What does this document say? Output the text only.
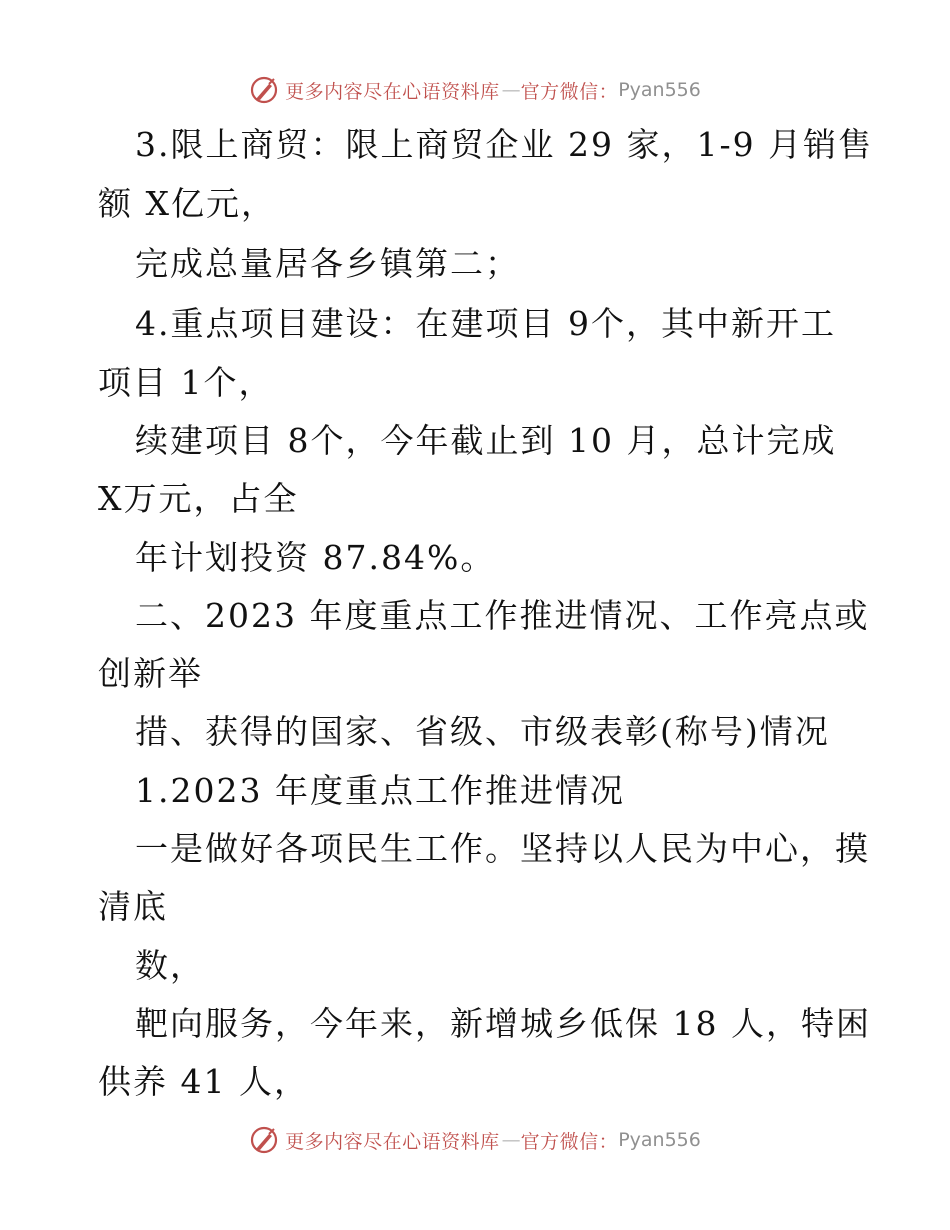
更多内容尽在心语资料库 — 官方微信： Pyan556
3.限上商贸：限上商贸企业 29 家，1-9 月销售
额 X亿元，
完成总量居各乡镇第二；
4.重点项目建设：在建项目 9个，其中新开工
项目 1个，
续建项目 8个，今年截止到 10 月，总计完成
X万元，占全
年计划投资 87.84%。
二、2023 年度重点工作推进情况、工作亮点或
创新举
措、获得的国家、省级、市级表彰(称号)情况
1.2023 年度重点工作推进情况
一是做好各项民生工作。坚持以人民为中心，摸
清底
数，
靶向服务，今年来，新增城乡低保 18 人，特困
供养 41 人，
更多内容尽在心语资料库 — 官方微信： Pyan556
